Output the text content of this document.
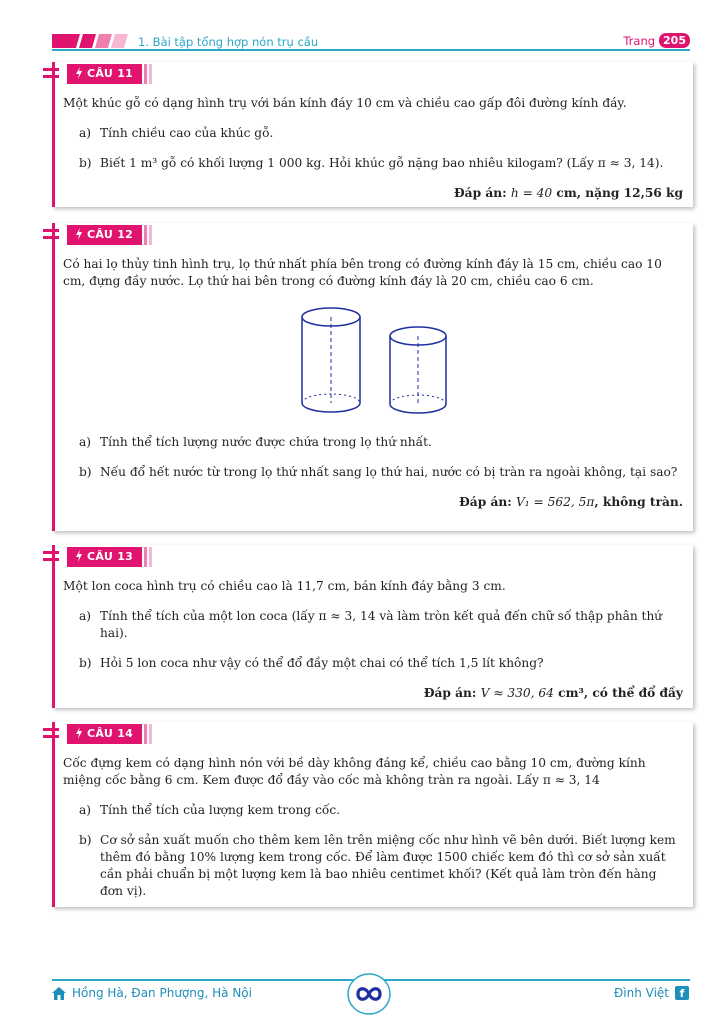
1. Bài tập tổng hợp nón trụ cầu	Trang 205
CÂU 11

Một khúc gỗ có dạng hình trụ với bán kính đáy 10 cm và chiều cao gấp đôi đường kính đáy.

a) Tính chiều cao của khúc gỗ.

b) Biết 1 m³ gỗ có khối lượng 1 000 kg. Hỏi khúc gỗ nặng bao nhiêu kilogam? (Lấy π ≈ 3, 14).

Đáp án: h = 40 cm, nặng 12,56 kg

CÂU 12

Có hai lọ thủy tinh hình trụ, lọ thứ nhất phía bên trong có đường kính đáy là 15 cm, chiều cao 10 cm, đựng đầy nước. Lọ thứ hai bên trong có đường kính đáy là 20 cm, chiều cao 6 cm.

a) Tính thể tích lượng nước được chứa trong lọ thứ nhất.

b) Nếu đổ hết nước từ trong lọ thứ nhất sang lọ thứ hai, nước có bị tràn ra ngoài không, tại sao?

Đáp án: V₁ = 562, 5π, không tràn.

CÂU 13

Một lon coca hình trụ có chiều cao là 11,7 cm, bán kính đáy bằng 3 cm.

a) Tính thể tích của một lon coca (lấy π ≈ 3, 14 và làm tròn kết quả đến chữ số thập phân thứ hai).

b) Hỏi 5 lon coca như vậy có thể đổ đầy một chai có thể tích 1,5 lít không?

Đáp án: V ≈ 330, 64 cm³, có thể đổ đầy

CÂU 14

Cốc đựng kem có dạng hình nón với bề dày không đáng kể, chiều cao bằng 10 cm, đường kính miệng cốc bằng 6 cm. Kem được đổ đầy vào cốc mà không tràn ra ngoài. Lấy π ≈ 3, 14

a) Tính thể tích của lượng kem trong cốc.

b) Cơ sở sản xuất muốn cho thêm kem lên trên miệng cốc như hình vẽ bên dưới. Biết lượng kem thêm đó bằng 10% lượng kem trong cốc. Để làm được 1500 chiếc kem đó thì cơ sở sản xuất cần phải chuẩn bị một lượng kem là bao nhiêu centimet khối? (Kết quả làm tròn đến hàng đơn vị).

Hồng Hà, Đan Phượng, Hà Nội	Đình Việt f
